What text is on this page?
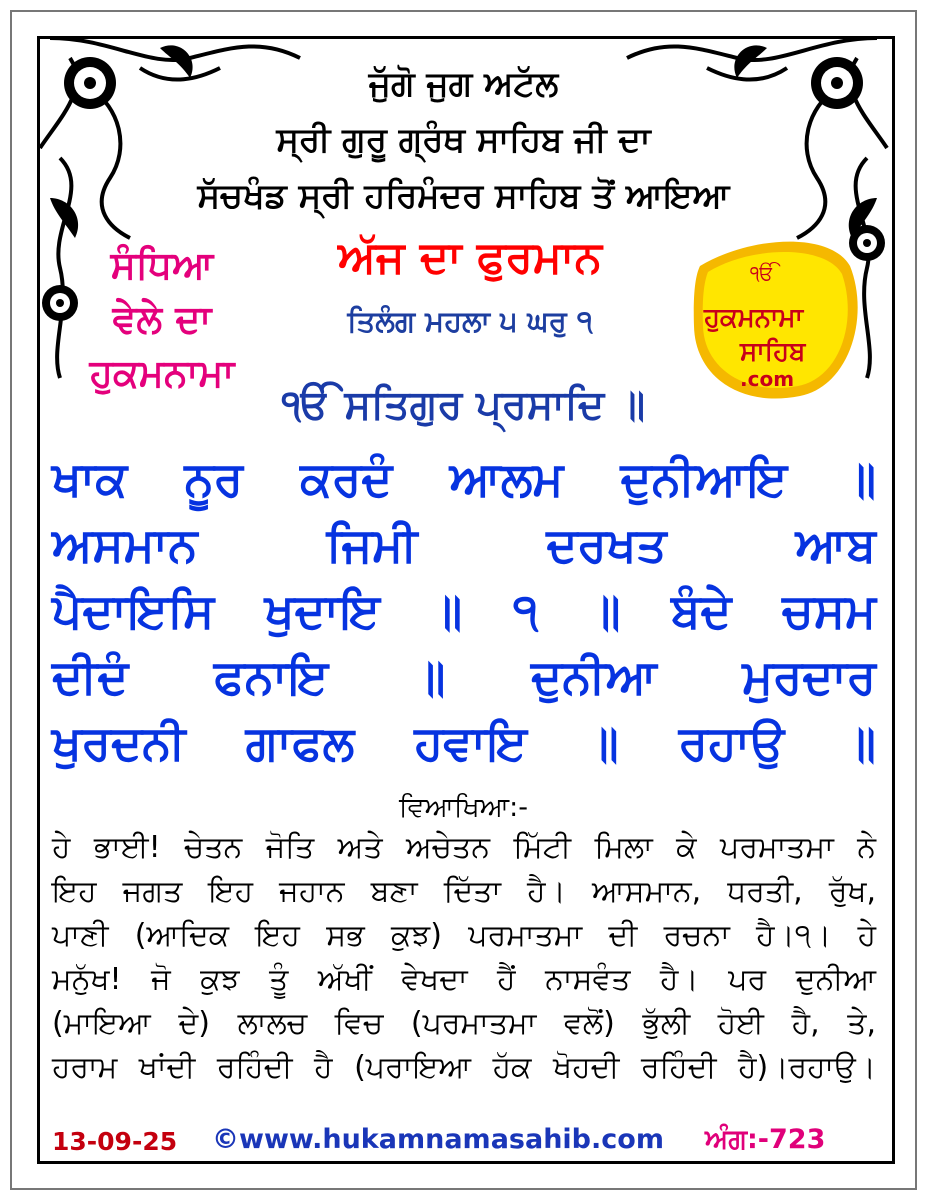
ਜੁੱਗੋ ਜੁਗ ਅਟੱਲ
ਸ੍ਰੀ ਗੁਰੂ ਗ੍ਰੰਥ ਸਾਹਿਬ ਜੀ ਦਾ
ਸੱਚਖੰਡ ਸ੍ਰੀ ਹਰਿਮੰਦਰ ਸਾਹਿਬ ਤੋਂ ਆਇਆ
ਸੰਧਿਆ
ਵੇਲੇ ਦਾ
ਹੁਕਮਨਾਮਾ
ਅੱਜ ਦਾ ਫੁਰਮਾਨ
ਤਿਲੰਗ ਮਹਲਾ ੫ ਘਰੁ ੧
ੴ
ਹੁਕਮਨਾਮਾ
ਸਾਹਿਬ
.com
ੴ ਸਤਿਗੁਰ ਪ੍ਰਸਾਦਿ ॥
ਖਾਕ ਨੂਰ ਕਰਦੰ ਆਲਮ ਦੁਨੀਆਇ ॥
ਅਸਮਾਨ ਜਿਮੀ ਦਰਖਤ ਆਬ
ਪੈਦਾਇਸਿ ਖੁਦਾਇ ॥ ੧ ॥ ਬੰਦੇ ਚਸਮ
ਦੀਦੰ ਫਨਾਇ ॥ ਦੁਨੀਆ ਮੁਰਦਾਰ
ਖੁਰਦਨੀ ਗਾਫਲ ਹਵਾਇ ॥ ਰਹਾਉ ॥
ਵਿਆਖਿਆ:-
ਹੇ ਭਾਈ! ਚੇਤਨ ਜੋਤਿ ਅਤੇ ਅਚੇਤਨ ਮਿੱਟੀ ਮਿਲਾ ਕੇ ਪਰਮਾਤਮਾ ਨੇ
ਇਹ ਜਗਤ ਇਹ ਜਹਾਨ ਬਣਾ ਦਿੱਤਾ ਹੈ। ਆਸਮਾਨ, ਧਰਤੀ, ਰੁੱਖ,
ਪਾਣੀ (ਆਦਿਕ ਇਹ ਸਭ ਕੁਝ) ਪਰਮਾਤਮਾ ਦੀ ਰਚਨਾ ਹੈ।੧। ਹੇ
ਮਨੁੱਖ! ਜੋ ਕੁਝ ਤੂੰ ਅੱਖੀਂ ਵੇਖਦਾ ਹੈਂ ਨਾਸਵੰਤ ਹੈ। ਪਰ ਦੁਨੀਆ
(ਮਾਇਆ ਦੇ) ਲਾਲਚ ਵਿਚ (ਪਰਮਾਤਮਾ ਵਲੋਂ) ਭੁੱਲੀ ਹੋਈ ਹੈ, ਤੇ,
ਹਰਾਮ ਖਾਂਦੀ ਰਹਿੰਦੀ ਹੈ (ਪਰਾਇਆ ਹੱਕ ਖੋਹਦੀ ਰਹਿੰਦੀ ਹੈ)।ਰਹਾਉ।
13-09-25 ©www.hukamnamasahib.com ਅੰਗ:-723
